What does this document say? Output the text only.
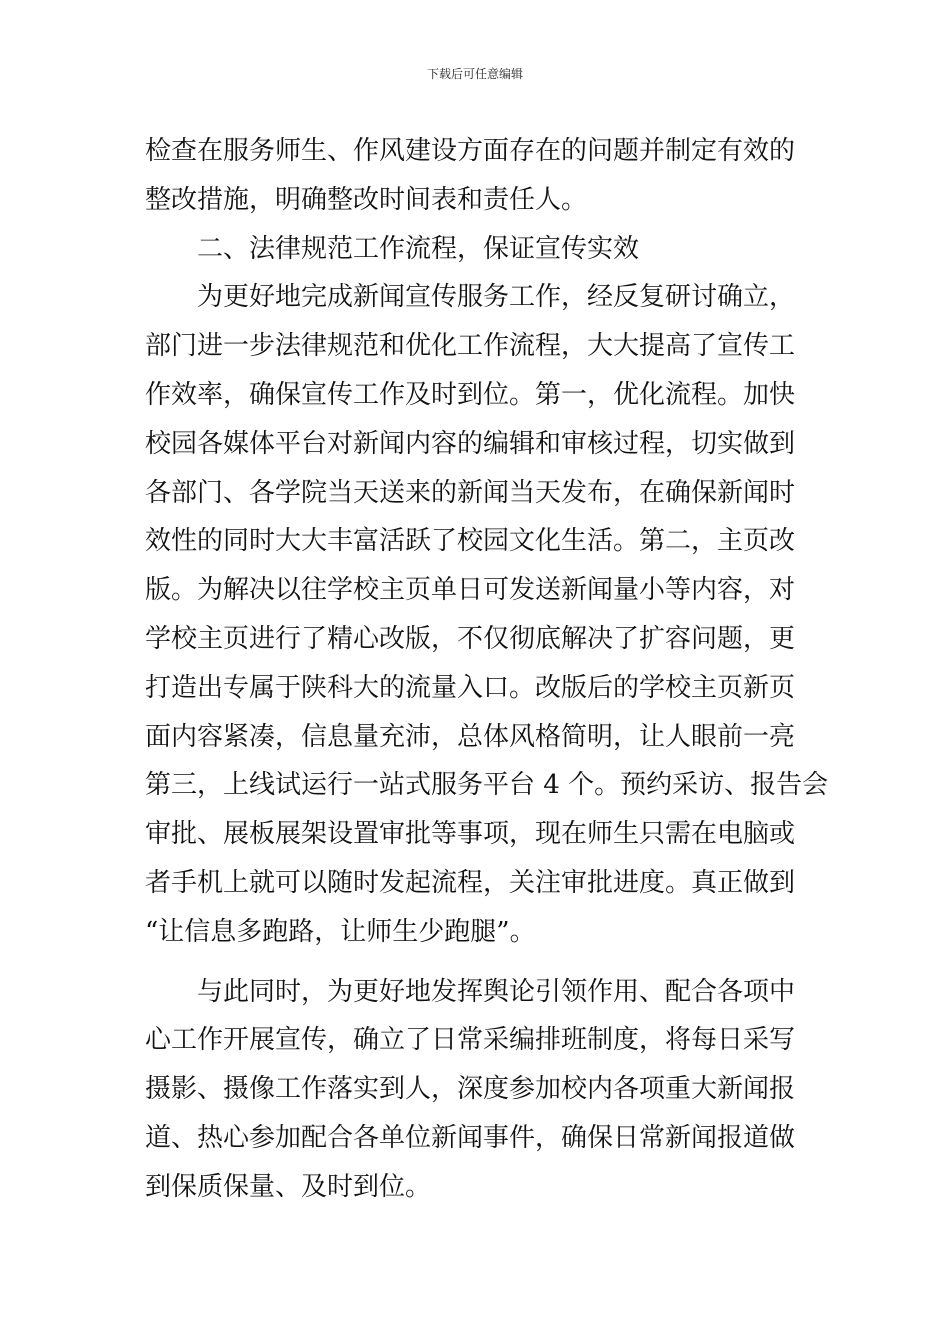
下载后可任意编辑
检查在服务师生、作风建设方面存在的问题并制定有效的
整改措施，明确整改时间表和责任人。
二、法律规范工作流程，保证宣传实效
为更好地完成新闻宣传服务工作，经反复研讨确立，
部门进一步法律规范和优化工作流程，大大提高了宣传工
作效率，确保宣传工作及时到位。第一，优化流程。加快
校园各媒体平台对新闻内容的编辑和审核过程，切实做到
各部门、各学院当天送来的新闻当天发布，在确保新闻时
效性的同时大大丰富活跃了校园文化生活。第二，主页改
版。为解决以往学校主页单日可发送新闻量小等内容，对
学校主页进行了精心改版，不仅彻底解决了扩容问题，更
打造出专属于陕科大的流量入口。改版后的学校主页新页
面内容紧凑，信息量充沛，总体风格简明，让人眼前一亮
第三，上线试运行一站式服务平台 4 个。预约采访、报告会
审批、展板展架设置审批等事项，现在师生只需在电脑或
者手机上就可以随时发起流程，关注审批进度。真正做到
“让信息多跑路，让师生少跑腿”。
与此同时，为更好地发挥舆论引领作用、配合各项中
心工作开展宣传，确立了日常采编排班制度，将每日采写
摄影、摄像工作落实到人，深度参加校内各项重大新闻报
道、热心参加配合各单位新闻事件，确保日常新闻报道做
到保质保量、及时到位。
